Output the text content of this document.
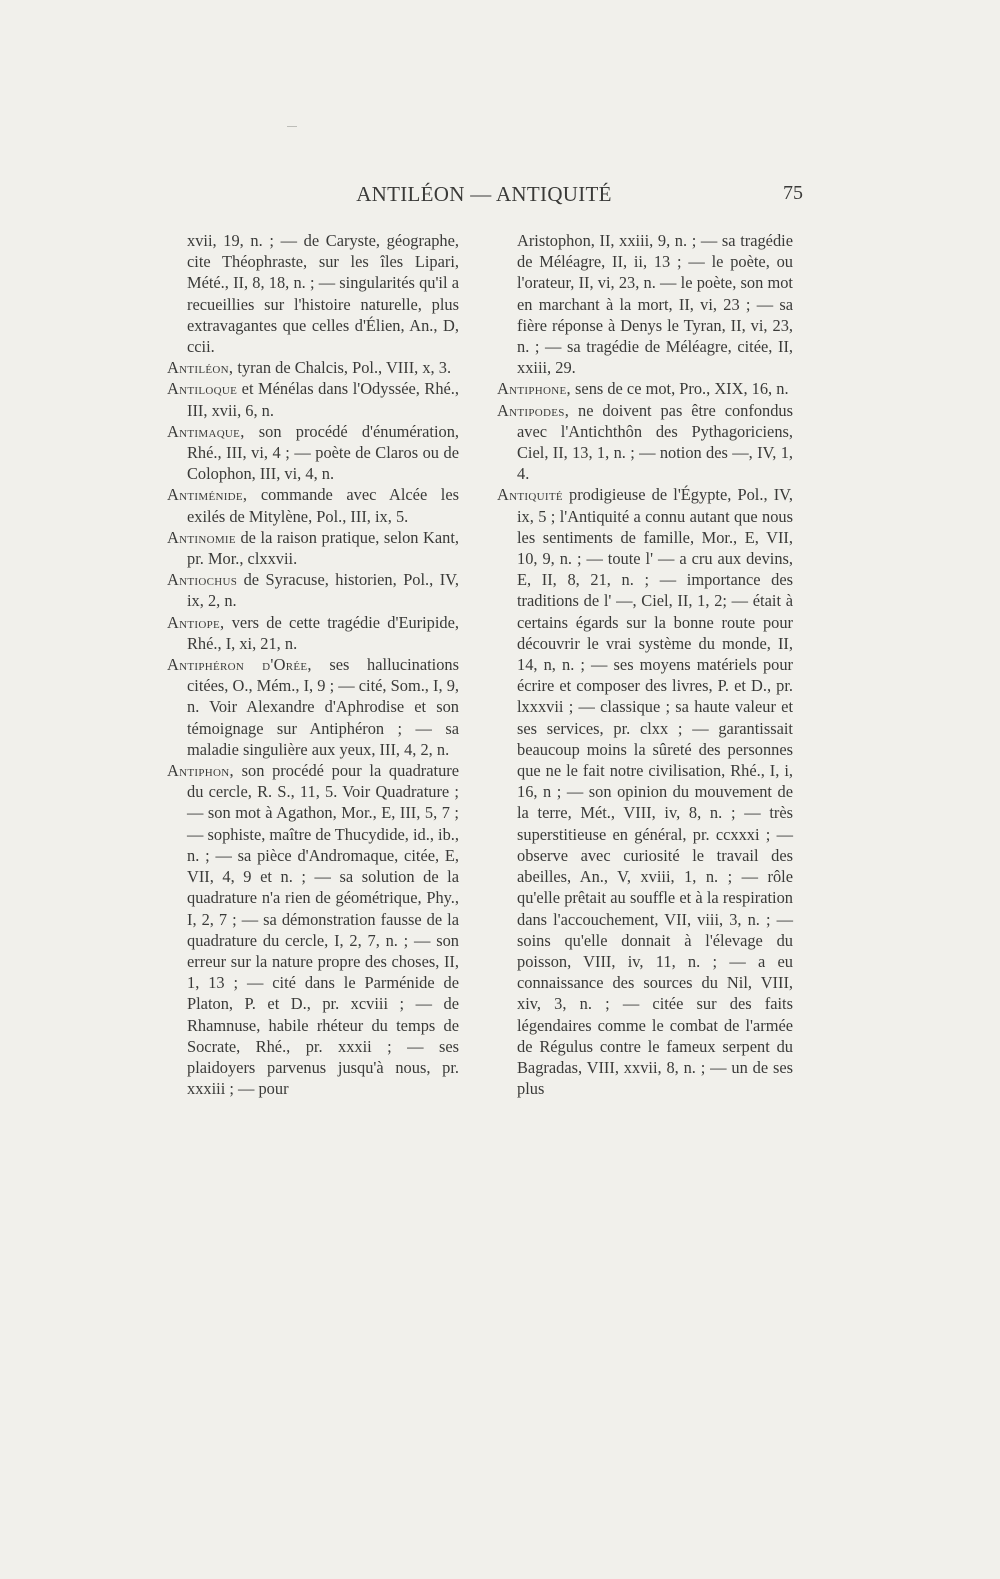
ANTILÉON — ANTIQUITÉ	75

xvii, 19, n. ; — de Caryste, géographe, cite Théophraste, sur les îles Lipari, Mété., II, 8, 18, n. ; — singularités qu'il a recueillies sur l'histoire naturelle, plus extravagantes que celles d'Élien, An., D, ccii.

Antiléon, tyran de Chalcis, Pol., VIII, x, 3.

Antiloque et Ménélas dans l'Odyssée, Rhé., III, xvii, 6, n.

Antimaque, son procédé d'énumération, Rhé., III, vi, 4 ; — poète de Claros ou de Colophon, III, vi, 4, n.

Antiménide, commande avec Alcée les exilés de Mitylène, Pol., III, ix, 5.

Antinomie de la raison pratique, selon Kant, pr. Mor., clxxvii.

Antiochus de Syracuse, historien, Pol., IV, ix, 2, n.

Antiope, vers de cette tragédie d'Euripide, Rhé., I, xi, 21, n.

Antiphéron d'Orée, ses hallucinations citées, O., Mém., I, 9 ; — cité, Som., I, 9, n. Voir Alexandre d'Aphrodise et son témoignage sur Antiphéron ; — sa maladie singulière aux yeux, III, 4, 2, n.

Antiphon, son procédé pour la quadrature du cercle, R. S., 11, 5. Voir Quadrature ; — son mot à Agathon, Mor., E, III, 5, 7 ; — sophiste, maître de Thucydide, id., ib., n. ; — sa pièce d'Andromaque, citée, E, VII, 4, 9 et n. ; — sa solution de la quadrature n'a rien de géométrique, Phy., I, 2, 7 ; — sa démonstration fausse de la quadrature du cercle, I, 2, 7, n. ; — son erreur sur la nature propre des choses, II, 1, 13 ; — cité dans le Parménide de Platon, P. et D., pr. xcviii ; — de Rhamnuse, habile rhéteur du temps de Socrate, Rhé., pr. xxxii ; — ses plaidoyers parvenus jusqu'à nous, pr. xxxiii ; — pour

Aristophon, II, xxiii, 9, n. ; — sa tragédie de Méléagre, II, ii, 13 ; — le poète, ou l'orateur, II, vi, 23, n. — le poète, son mot en marchant à la mort, II, vi, 23 ; — sa fière réponse à Denys le Tyran, II, vi, 23, n. ; — sa tragédie de Méléagre, citée, II, xxiii, 29.

Antiphone, sens de ce mot, Pro., XIX, 16, n.

Antipodes, ne doivent pas être confondus avec l'Antichthôn des Pythagoriciens, Ciel, II, 13, 1, n. ; — notion des —, IV, 1, 4.

Antiquité prodigieuse de l'Égypte, Pol., IV, ix, 5 ; l'Antiquité a connu autant que nous les sentiments de famille, Mor., E, VII, 10, 9, n. ; — toute l' — a cru aux devins, E, II, 8, 21, n. ; — importance des traditions de l' —, Ciel, II, 1, 2; — était à certains égards sur la bonne route pour découvrir le vrai système du monde, II, 14, n, n. ; — ses moyens matériels pour écrire et composer des livres, P. et D., pr. lxxxvii ; — classique ; sa haute valeur et ses services, pr. clxx ; — garantissait beaucoup moins la sûreté des personnes que ne le fait notre civilisation, Rhé., I, i, 16, n ; — son opinion du mouvement de la terre, Mét., VIII, iv, 8, n. ; — très superstitieuse en général, pr. ccxxxi ; — observe avec curiosité le travail des abeilles, An., V, xviii, 1, n. ; — rôle qu'elle prêtait au souffle et à la respiration dans l'accouchement, VII, viii, 3, n. ; — soins qu'elle donnait à l'élevage du poisson, VIII, iv, 11, n. ; — a eu connaissance des sources du Nil, VIII, xiv, 3, n. ; — citée sur des faits légendaires comme le combat de l'armée de Régulus contre le fameux serpent du Bagradas, VIII, xxvii, 8, n. ; — un de ses plus
